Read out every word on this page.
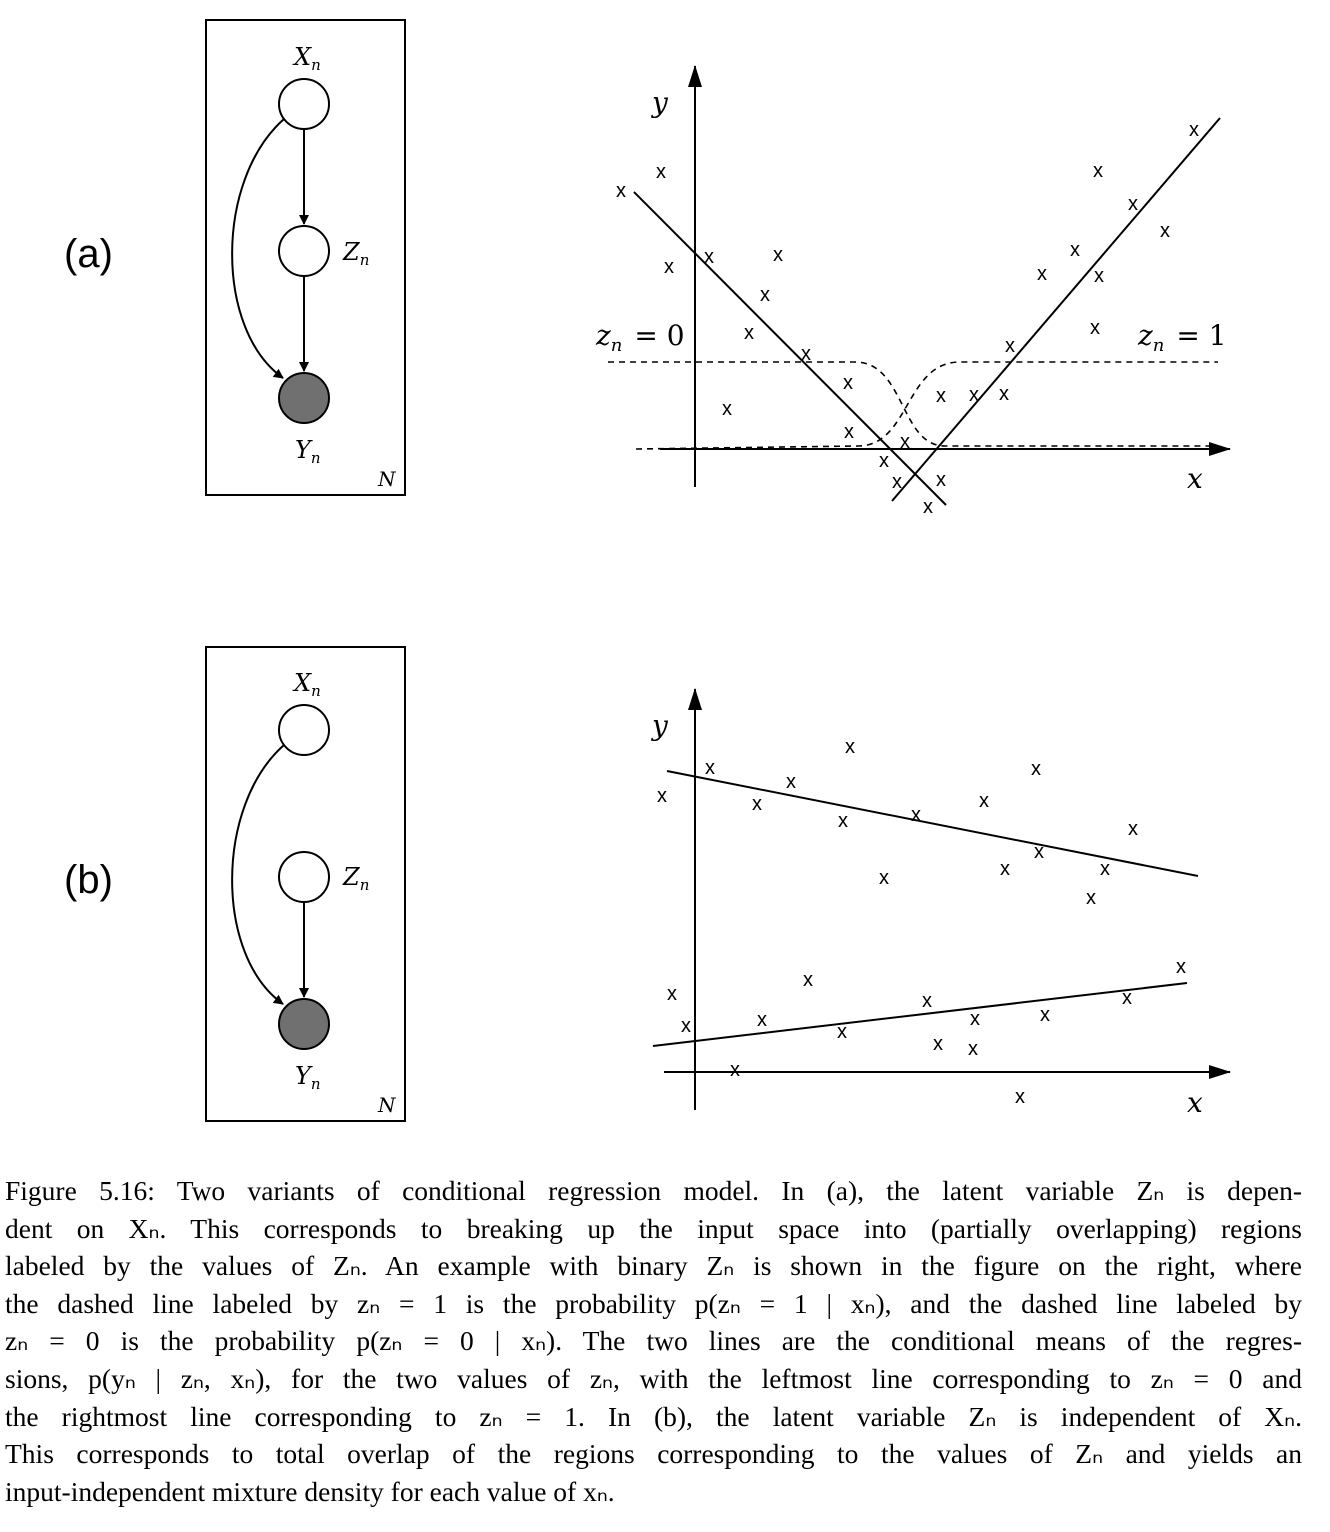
(a)
(b)
N
$X_n$
$Z_n$
$Y_n$
y
x
$z_n = 0$	$z_n = 1$
x
x
x x	x
x
x
x
x
x
x x
x
x x
x
x x x
x
x
x
x
x
x
x
x
x
N
$X_n$
$Z_n$
$Y_n$
y
x
x
x
x
x
x
x	x
x
x
x
x
x	x
x
x
x
x
x
x
x
x
x
x
x
x
x
x
x
x
Figure 5.16: Two variants of conditional regression model. In (a), the latent variable Zₙ is depen-
dent on Xₙ. This corresponds to breaking up the input space into (partially overlapping) regions
labeled by the values of Zₙ. An example with binary Zₙ is shown in the figure on the right, where
the dashed line labeled by zₙ = 1 is the probability p(zₙ = 1 | xₙ), and the dashed line labeled by
zₙ = 0 is the probability p(zₙ = 0 | xₙ). The two lines are the conditional means of the regres-
sions, p(yₙ | zₙ, xₙ), for the two values of zₙ, with the leftmost line corresponding to zₙ = 0 and
the rightmost line corresponding to zₙ = 1. In (b), the latent variable Zₙ is independent of Xₙ.
This corresponds to total overlap of the regions corresponding to the values of Zₙ and yields an
input-independent mixture density for each value of xₙ.
